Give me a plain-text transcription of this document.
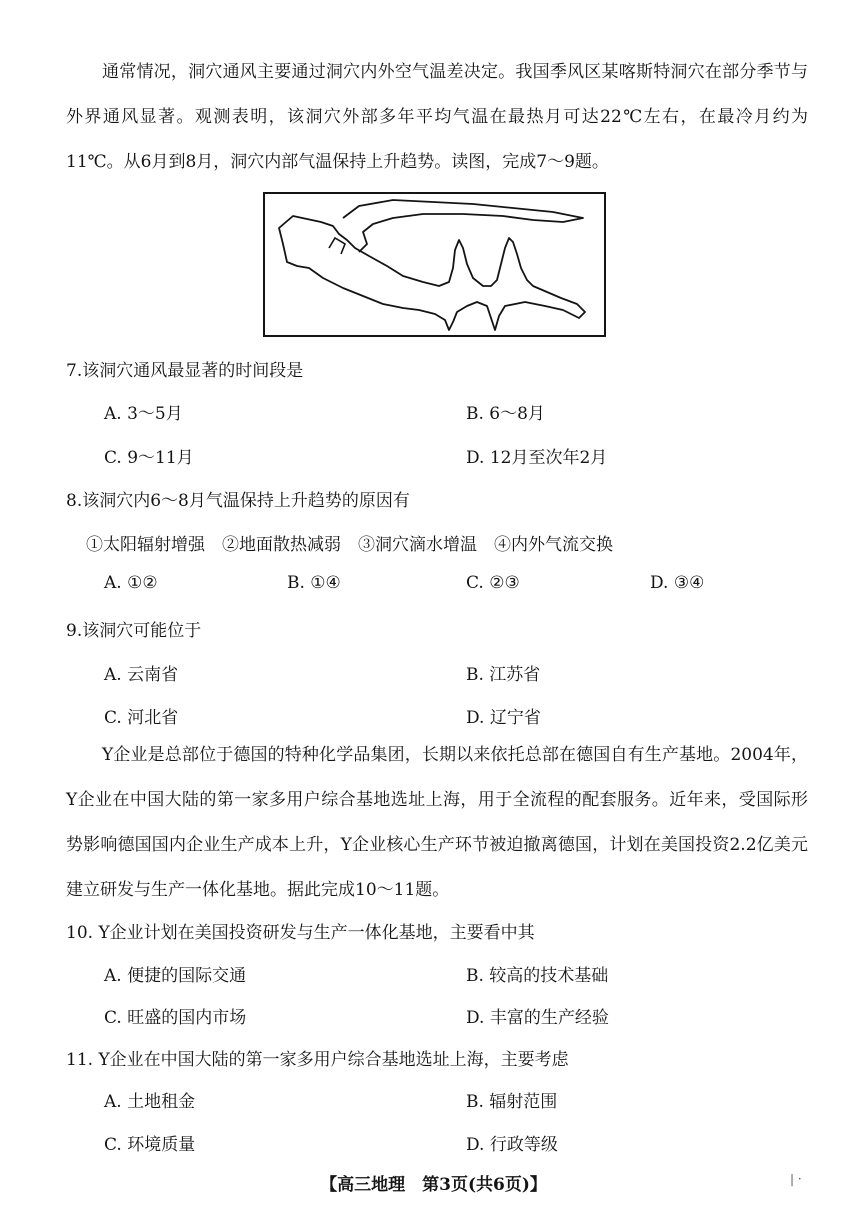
通常情况，洞穴通风主要通过洞穴内外空气温差决定。我国季风区某喀斯特洞穴在部分季节与外界通风显著。观测表明，该洞穴外部多年平均气温在最热月可达22℃左右，在最冷月约为11℃。从6月到8月，洞穴内部气温保持上升趋势。读图，完成7～9题。
7.该洞穴通风最显著的时间段是
A. 3～5月	B. 6～8月
C. 9～11月	D. 12月至次年2月
8.该洞穴内6～8月气温保持上升趋势的原因有
①太阳辐射增强　②地面散热减弱　③洞穴滴水增温　④内外气流交换
A. ①②	B. ①④	C. ②③	D. ③④
9.该洞穴可能位于
A. 云南省	B. 江苏省
C. 河北省	D. 辽宁省
Y企业是总部位于德国的特种化学品集团，长期以来依托总部在德国自有生产基地。2004年，Y企业在中国大陆的第一家多用户综合基地选址上海，用于全流程的配套服务。近年来，受国际形势影响德国国内企业生产成本上升，Y企业核心生产环节被迫撤离德国，计划在美国投资2.2亿美元建立研发与生产一体化基地。据此完成10～11题。
10. Y企业计划在美国投资研发与生产一体化基地，主要看中其
A. 便捷的国际交通	B. 较高的技术基础
C. 旺盛的国内市场	D. 丰富的生产经验
11. Y企业在中国大陆的第一家多用户综合基地选址上海，主要考虑
A. 土地租金	B. 辐射范围
C. 环境质量	D. 行政等级
【高三地理　第3页(共6页)】	| ·
